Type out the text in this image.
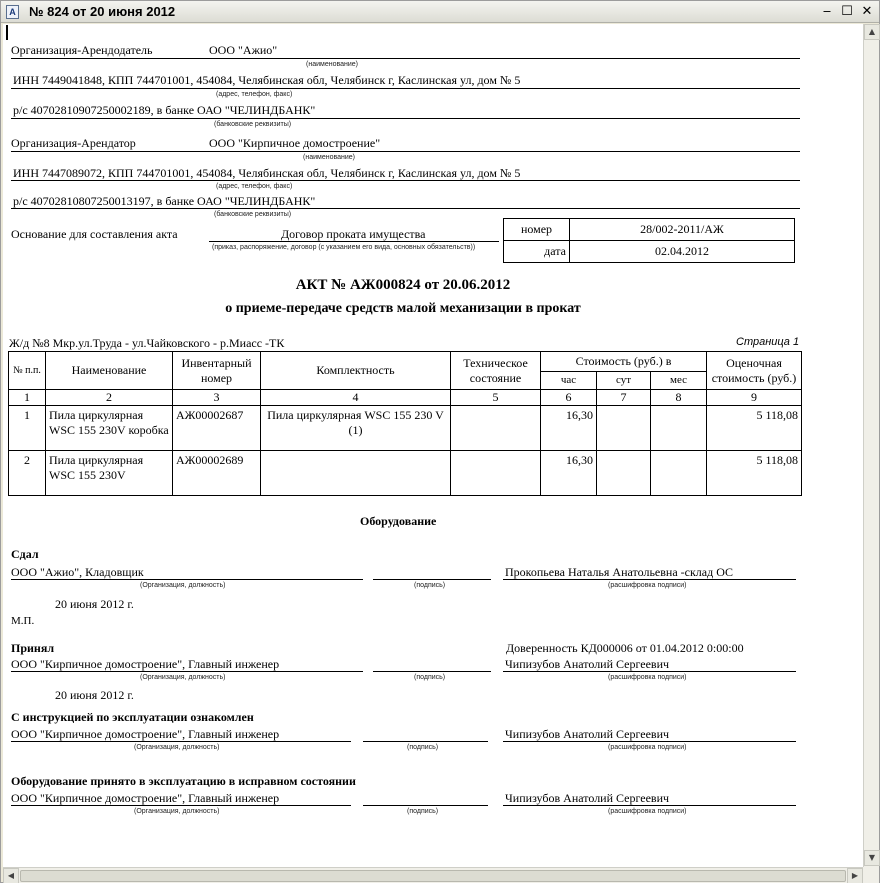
A № 824 от 20 июня 2012	‒ ☐ ✕
Организация-Арендодатель	ООО "Ажио"
(наименование)
ИНН 7449041848, КПП 744701001, 454084, Челябинская обл, Челябинск г, Каслинская ул, дом № 5
(адрес, телефон, факс)
р/с 40702810907250002189, в банке ОАО "ЧЕЛИНДБАНК"
(банковские реквизиты)
Организация-Арендатор	ООО "Кирпичное домостроение"
(наименование)
ИНН 7447089072, КПП 744701001, 454084, Челябинская обл, Челябинск г, Каслинская ул, дом № 5
(адрес, телефон, факс)
р/с 40702810807250013197, в банке ОАО "ЧЕЛИНДБАНК"
(банковские реквизиты)
Основание для составления акта	Договор проката имущества
(приказ, распоряжение, договор (с указанием его вида, основных обязательств))
номер	28/002-2011/АЖ
дата	02.04.2012
АКТ № АЖ000824 от 20.06.2012
о приеме-передаче средств малой механизации в прокат
Ж/д №8 Мкр.ул.Труда - ул.Чайковского - р.Миасс -ТК	Страница 1
№ п.п.	Наименование	Инвентарный номер	Комплектность	Техническое состояние	Стоимость (руб.) в			Оценочная стоимость (руб.)
					час	сут	мес	
1	2	3	4	5	6	7	8	9
1	Пила циркулярная WSC 155 230V коробка	АЖ00002687	Пила циркулярная WSC 155 230 V (1)		16,30			5 118,08
2	Пила циркулярная WSC 155 230V	АЖ00002689			16,30			5 118,08
Оборудование
Сдал
ООО "Ажио", Кладовщик	Прокопьева Наталья Анатольевна -склад ОС
(Организация, должность)	(подпись)	(расшифровка подписи)
20 июня 2012 г.
М.П.
Принял	Доверенность КД000006 от 01.04.2012 0:00:00
ООО "Кирпичное домостроение", Главный инженер	Чипизубов Анатолий Сергеевич
(Организация, должность)	(подпись)	(расшифровка подписи)
20 июня 2012 г.
С инструкцией по эксплуатации ознакомлен
ООО "Кирпичное домостроение", Главный инженер	Чипизубов Анатолий Сергеевич
(Организация, должность)	(подпись)	(расшифровка подписи)
Оборудование принято в эксплуатацию в исправном состоянии
ООО "Кирпичное домостроение", Главный инженер	Чипизубов Анатолий Сергеевич
(Организация, должность)	(подпись)	(расшифровка подписи)
▲
▼
◀	▶
